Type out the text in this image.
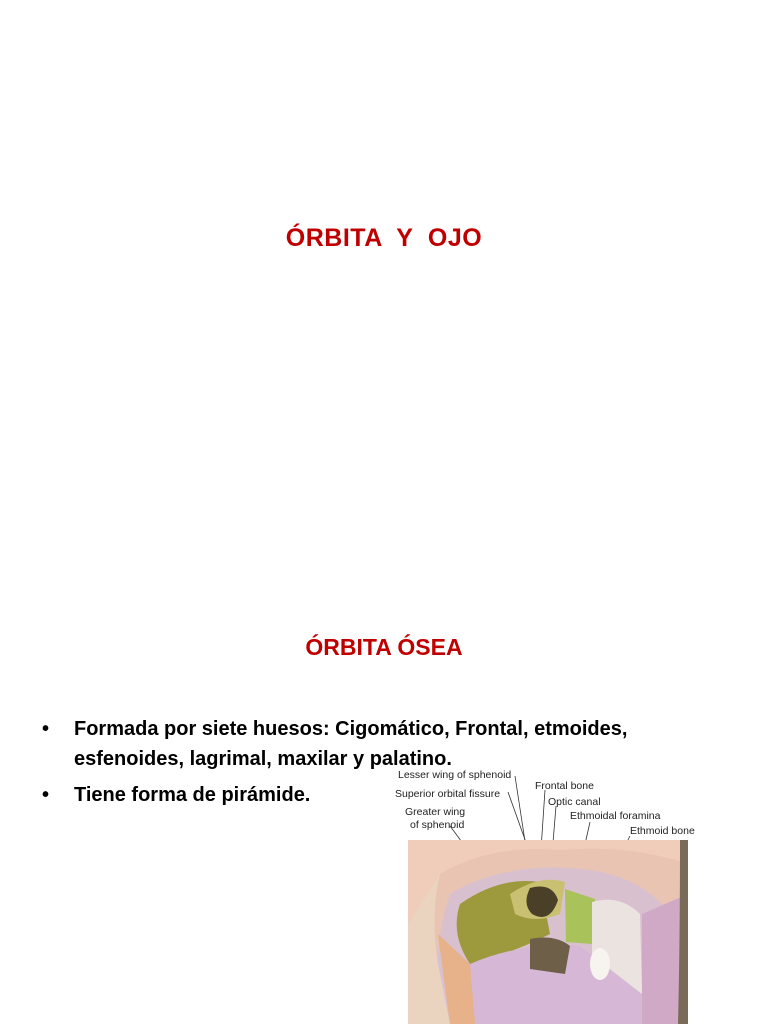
ÓRBITA  Y  OJO
ÓRBITA ÓSEA
• Formada por siete huesos: Cigomático, Frontal, etmoides, esfenoides, lagrimal, maxilar y palatino.
• Tiene forma de pirámide.
Lesser wing of sphenoid
Frontal bone
Superior orbital fissure
Optic canal
Greater wing
of sphenoid
Ethmoidal foramina
Ethmoid bone
